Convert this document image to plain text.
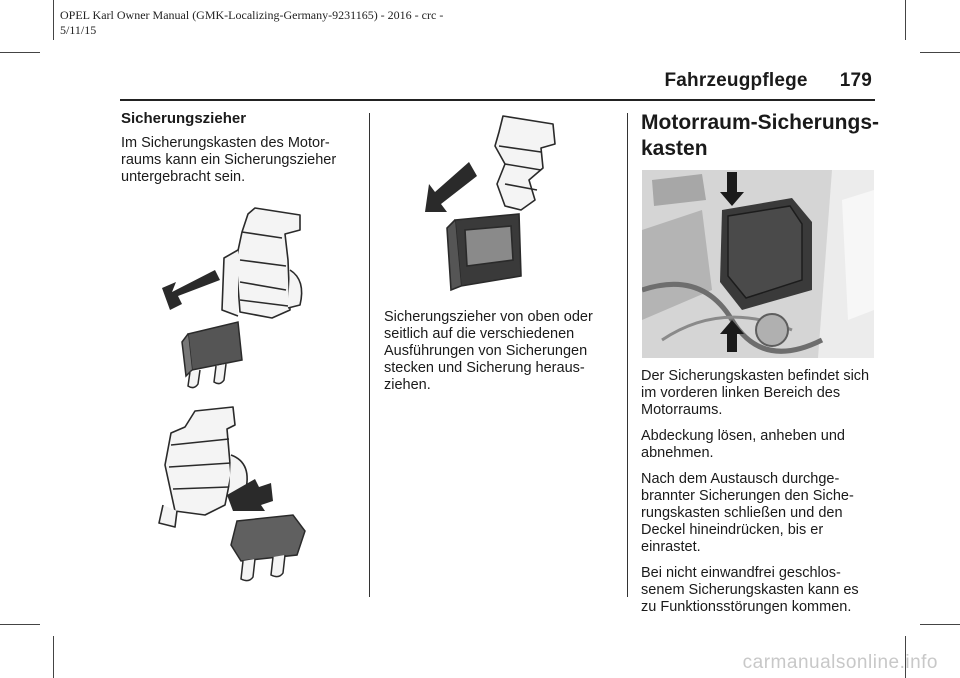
OPEL Karl Owner Manual (GMK-Localizing-Germany-9231165) - 2016 - crc -
5/11/15
Fahrzeugpflege 179
Sicherungszieher

Im Sicherungskasten des Motor-
raums kann ein Sicherungszieher
untergebracht sein.

Sicherungszieher von oben oder
seitlich auf die verschiedenen
Ausführungen von Sicherungen
stecken und Sicherung heraus-
ziehen.

Motorraum-Sicherungs-
kasten

Der Sicherungskasten befindet sich
im vorderen linken Bereich des
Motorraums.

Abdeckung lösen, anheben und
abnehmen.

Nach dem Austausch durchge-
brannter Sicherungen den Siche-
rungskasten schließen und den
Deckel hineindrücken, bis er
einrastet.

Bei nicht einwandfrei geschlos-
senem Sicherungskasten kann es
zu Funktionsstörungen kommen.

carmanualsonline.info
